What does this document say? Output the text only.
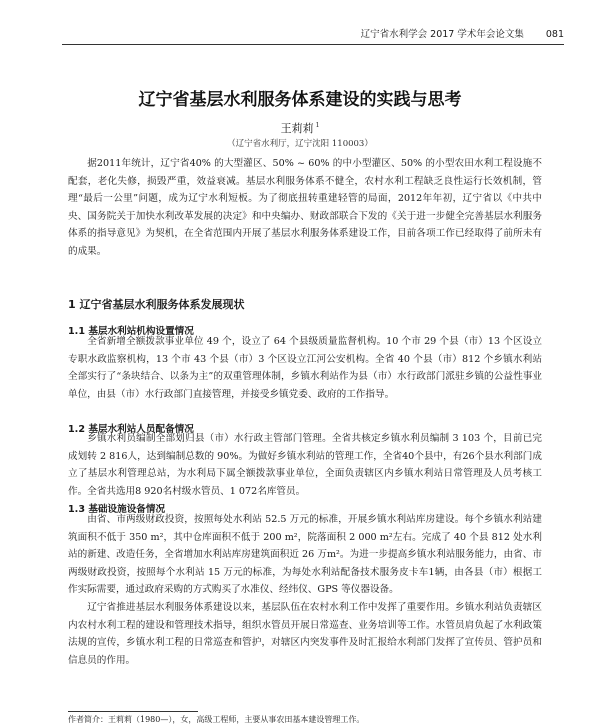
辽宁省水利学会 2017 学术年会论文集 081
辽宁省基层水利服务体系建设的实践与思考
王莉莉 $^1$
（辽宁省水利厅，辽宁沈阳 110003）

据2011年统计，辽宁省40% 的大型灌区、50% ~ 60% 的中小型灌区、50% 的小型农田水利工程设施不配套，老化失修，损毁严重，效益衰减。基层水利服务体系不健全，农村水利工程缺乏良性运行长效机制，管理“最后一公里”问题，成为辽宁水利短板。为了彻底扭转重建轻管的局面，2012年年初，辽宁省以《中共中央、国务院关于加快水利改革发展的决定》和中央编办、财政部联合下发的《关于进一步健全完善基层水利服务体系的指导意见》为契机，在全省范围内开展了基层水利服务体系建设工作，目前各项工作已经取得了前所未有的成果。

1 辽宁省基层水利服务体系发展现状
1.1 基层水利站机构设置情况

全省新增全额拨款事业单位 49 个，设立了 64 个县级质量监督机构。10 个市 29 个县（市）13 个区设立专职水政监察机构，13 个市 43 个县（市）3 个区设立江河公安机构。全省 40 个县（市）812 个乡镇水利站全部实行了“条块结合、以条为主”的双重管理体制，乡镇水利站作为县（市）水行政部门派驻乡镇的公益性事业单位，由县（市）水行政部门直接管理，并接受乡镇党委、政府的工作指导。

1.2 基层水利站人员配备情况

乡镇水利员编制全部划归县（市）水行政主管部门管理。全省共核定乡镇水利员编制 3 103 个，目前已完成划转 2 816人，达到编制总数的 90%。为做好乡镇水利站的管理工作，全省40个县中，有26个县水利部门成立了基层水利管理总站，为水利局下属全额拨款事业单位，全面负责辖区内乡镇水利站日常管理及人员考核工作。全省共选用8 920名村级水管员、1 072名库管员。

1.3 基础设施设备情况

由省、市两级财政投资，按照每处水利站 52.5 万元的标准，开展乡镇水利站库房建设。每个乡镇水利站建筑面积不低于 350 m²，其中仓库面积不低于 200 m²，院落面积 2 000 m²左右。完成了 40 个县 812 处水利站的新建、改造任务，全省增加水利站库房建筑面积近 26 万m²。为进一步提高乡镇水利站服务能力，由省、市两级财政投资，按照每个水利站 15 万元的标准，为每处水利站配备技术服务皮卡车1辆，由各县（市）根据工作实际需要，通过政府采购的方式购买了水准仪、经纬仪、GPS 等仪器设备。

辽宁省推进基层水利服务体系建设以来，基层队伍在农村水利工作中发挥了重要作用。乡镇水利站负责辖区内农村水利工程的建设和管理技术指导，组织水管员开展日常巡查、业务培训等工作。水管员肩负起了水利政策法规的宣传，乡镇水利工程的日常巡查和管护，对辖区内突发事件及时汇报给水利部门发挥了宣传员、管护员和信息员的作用。

作者简介：王莉莉（1980—），女，高级工程师，主要从事农田基本建设管理工作。
